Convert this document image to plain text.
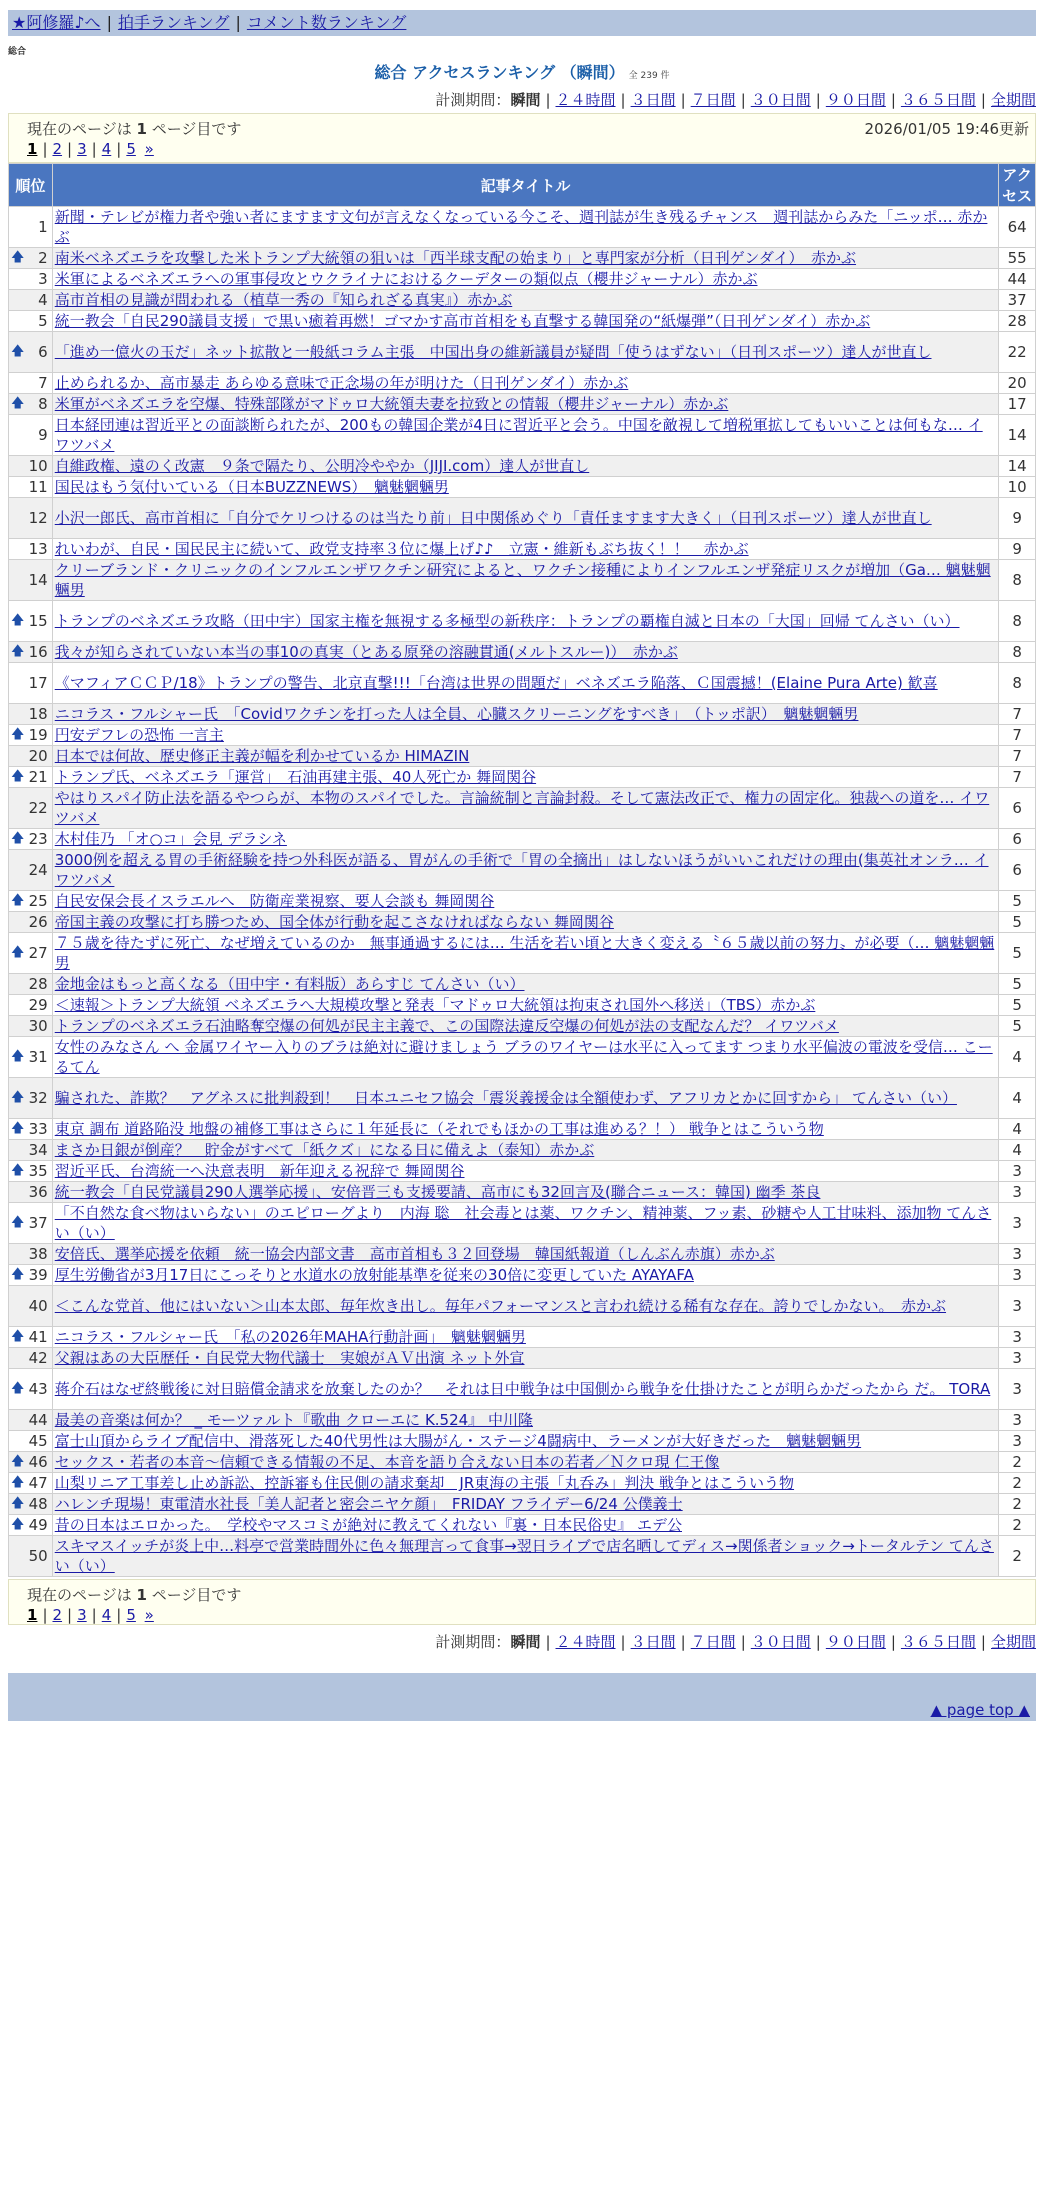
★阿修羅♪へ | 拍手ランキング | コメント数ランキング
総合
総合 アクセスランキング （瞬間） 全 239 件
計測期間：瞬間 | ２４時間 | ３日間 | ７日間 | ３０日間 | ９０日間 | ３６５日間 | 全期間
現在のページは 1 ページ目です	2026/01/05 19:46更新
1 | 2 | 3 | 4 | 5 »
順位	記事タイトル	アクセス
1	新聞・テレビが権力者や強い者にますます文句が言えなくなっている今こそ、週刊誌が生き残るチャンス　週刊誌からみた「ニッポ… 赤かぶ	64

🡅 2	南米ベネズエラを攻撃した米トランプ大統領の狙いは「西半球支配の始まり」と専門家が分析（日刊ゲンダイ）　赤かぶ	55
3	米軍によるベネズエラへの軍事侵攻とウクライナにおけるクーデターの類似点（櫻井ジャーナル）赤かぶ	44
4	高市首相の見識が問われる（植草一秀の『知られざる真実』）赤かぶ	37
5	統一教会「自民290議員支援」で黒い癒着再燃！ゴマかす高市首相をも直撃する韓国発の“紙爆弾”（日刊ゲンダイ）赤かぶ	28

🡅 6	「進め一億火の玉だ」ネット拡散と一般紙コラム主張　中国出身の維新議員が疑問「使うはずない」（日刊スポーツ）達人が世直し	22
7	止められるか、高市暴走 あらゆる意味で正念場の年が明けた（日刊ゲンダイ）赤かぶ	20

🡅 8	米軍がベネズエラを空爆、特殊部隊がマドゥロ大統領夫妻を拉致との情報（櫻井ジャーナル）赤かぶ	17
9	日本経団連は習近平との面談断られたが、200もの韓国企業が4日に習近平と会う。中国を敵視して増税軍拡してもいいことは何もな… イワツバメ	14
10	自維政権、遠のく改憲　９条で隔たり、公明冷ややか（JIJI.com）達人が世直し	14
11	国民はもう気付いている（日本BUZZNEWS）　魑魅魍魎男	10
12	小沢一郎氏、高市首相に「自分でケリつけるのは当たり前」日中関係めぐり「責任ますます大きく」（日刊スポーツ）達人が世直し	9
13	れいわが、自民・国民民主に続いて、政党支持率３位に爆上げ♪♪　立憲・維新もぶち抜く！！　赤かぶ	9
14	クリーブランド・クリニックのインフルエンザワクチン研究によると、ワクチン接種によりインフルエンザ発症リスクが増加（Ga… 魑魅魍魎男	8

🡅 15	トランプのベネズエラ攻略（田中宇）国家主権を無視する多極型の新秩序：トランプの覇権自滅と日本の「大国」回帰 てんさい（い）	8

🡅 16	我々が知らされていない本当の事10の真実（とある原発の溶融貫通(メルトスルー)）　赤かぶ	8
17	《マフィアＣＣＰ/18》トランプの警告、北京直撃!!!「台湾は世界の問題だ」ベネズエラ陥落、Ｃ国震撼！(Elaine Pura Arte) 歓喜	8
18	ニコラス・フルシャー氏　「Covidワクチンを打った人は全員、心臓スクリーニングをすべき」　（トッポ訳）　魑魅魍魎男	7

🡅 19	円安デフレの恐怖 一言主	7
20	日本では何故、歴史修正主義が幅を利かせているか HIMAZIN	7

🡅 21	トランプ氏、ベネズエラ「運営」　石油再建主張、40人死亡か 舞岡関谷	7
22	やはりスパイ防止法を語るやつらが、本物のスパイでした。言論統制と言論封殺。そして憲法改正で、権力の固定化。独裁への道を… イワツバメ	6

🡅 23	木村佳乃 「オ○コ」会見 デラシネ	6
24	3000例を超える胃の手術経験を持つ外科医が語る、胃がんの手術で「胃の全摘出」はしないほうがいいこれだけの理由(集英社オンラ… イワツバメ	6

🡅 25	自民安保会長イスラエルへ　防衛産業視察、要人会談も 舞岡関谷	5
26	帝国主義の攻撃に打ち勝つため、国全体が行動を起こさなければならない 舞岡関谷	5

🡅 27	７５歳を待たずに死亡、なぜ増えているのか　無事通過するには… 生活を若い頃と大きく変える〝６５歳以前の努力〟が必要（… 魑魅魍魎男	5
28	金地金はもっと高くなる（田中宇・有料版）あらすじ てんさい（い）	5
29	＜速報＞トランプ大統領 ベネズエラへ大規模攻撃と発表「マドゥロ大統領は拘束され国外へ移送」（TBS）赤かぶ	5
30	トランプのベネズエラ石油略奪空爆の何処が民主主義で、この国際法違反空爆の何処が法の支配なんだ？ イワツバメ	5

🡅 31	女性のみなさん へ 金属ワイヤー入りのブラは絶対に避けましょう ブラのワイヤーは水平に入ってます つまり水平偏波の電波を受信… こーるてん	4

🡅 32	騙された、詐欺？　アグネスに批判殺到！　日本ユニセフ協会「震災義援金は全額使わず、アフリカとかに回すから」 てんさい（い）	4

🡅 33	東京 調布 道路陥没 地盤の補修工事はさらに１年延長に（それでもほかの工事は進める？！） 戦争とはこういう物	4
34	まさか日銀が倒産？　貯金がすべて「紙クズ」になる日に備えよ（泰知）赤かぶ	4

🡅 35	習近平氏、台湾統一へ決意表明　新年迎える祝辞で 舞岡関谷	3
36	統一教会「自民党議員290人選挙応援」、安倍晋三も支援要請、高市にも32回言及(聯合ニュース：韓国) 幽季 茶良	3

🡅 37	「不自然な食べ物はいらない」のエピローグより　内海 聡　社会毒とは薬、ワクチン、精神薬、フッ素、砂糖や人工甘味料、添加物 てんさい（い）	3
38	安倍氏、選挙応援を依頼　統一協会内部文書　高市首相も３２回登場　韓国紙報道（しんぶん赤旗）赤かぶ	3

🡅 39	厚生労働省が3月17日にこっそりと水道水の放射能基準を従来の30倍に変更していた AYAYAFA	3
40	＜こんな党首、他にはいない＞山本太郎、毎年炊き出し。毎年パフォーマンスと言われ続ける稀有な存在。誇りでしかない。　赤かぶ	3

🡅 41	ニコラス・フルシャー氏　「私の2026年MAHA行動計画」　魑魅魍魎男	3
42	父親はあの大臣歴任・自民党大物代議士　実娘がＡＶ出演 ネット外宣	3

🡅 43	蒋介石はなぜ終戦後に対日賠償金請求を放棄したのか？　それは日中戦争は中国側から戦争を仕掛けたことが明らかだったから だ。 TORA	3
44	最美の音楽は何か？ _ モーツァルト『歌曲 クローエに K.524』 中川隆	3
45	富士山頂からライブ配信中、滑落死した40代男性は大腸がん・ステージ4闘病中、ラーメンが大好きだった　魑魅魍魎男	3

🡅 46	セックス・若者の本音〜信頼できる情報の不足、本音を語り合えない日本の若者／Ｎクロ現 仁王像	2

🡅 47	山梨リニア工事差し止め訴訟、控訴審も住民側の請求棄却　JR東海の主張「丸呑み」判決 戦争とはこういう物	2

🡅 48	ハレンチ現場！東電清水社長「美人記者と密会ニヤケ顔」　FRIDAY フライデー6/24 公僕義士	2

🡅 49	昔の日本はエロかった。　学校やマスコミが絶対に教えてくれない『裏・日本民俗史』 エデ公	2
50	スキマスイッチが炎上中…料亭で営業時間外に色々無理言って食事→翌日ライブで店名晒してディス→関係者ショック→トータルテン てんさい（い）	2
現在のページは 1 ページ目です
1 | 2 | 3 | 4 | 5 »
計測期間：瞬間 | ２４時間 | ３日間 | ７日間 | ３０日間 | ９０日間 | ３６５日間 | 全期間
▲ page top ▲
